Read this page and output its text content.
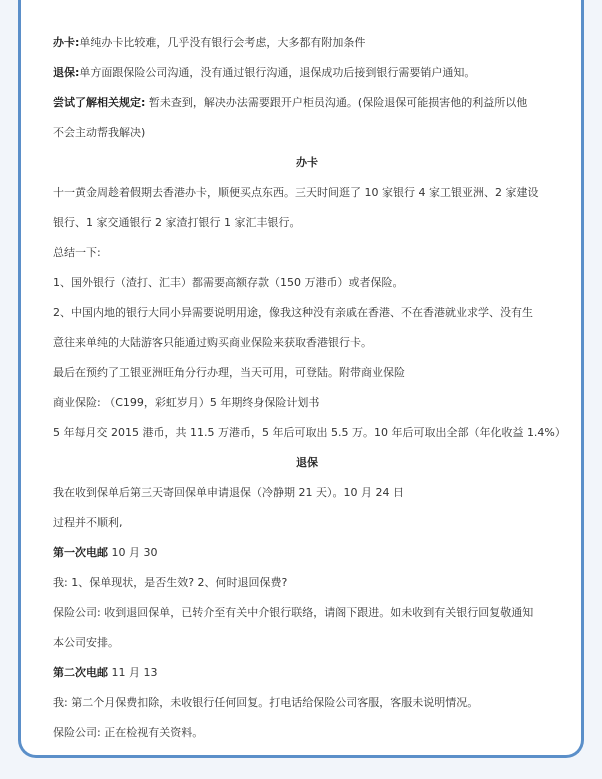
办卡:单纯办卡比较难，几乎没有银行会考虑，大多都有附加条件

退保:单方面跟保险公司沟通，没有通过银行沟通，退保成功后接到银行需要销户通知。

尝试了解相关规定: 暂未查到，解决办法需要跟开户柜员沟通。(保险退保可能损害他的利益所以他

不会主动帮我解决)

办卡

十一黄金周趁着假期去香港办卡，顺便买点东西。三天时间逛了 10 家银行 4 家工银亚洲、2 家建设

银行、1 家交通银行 2 家渣打银行 1 家汇丰银行。

总结一下:

1、国外银行（渣打、汇丰）都需要高额存款（150 万港币）或者保险。

2、中国内地的银行大同小异需要说明用途，像我这种没有亲戚在香港、不在香港就业求学、没有生

意往来单纯的大陆游客只能通过购买商业保险来获取香港银行卡。

最后在预约了工银亚洲旺角分行办理，当天可用，可登陆。附带商业保险

商业保险: （C199，彩虹岁月）5 年期终身保险计划书

5 年每月交 2015 港币，共 11.5 万港币，5 年后可取出 5.5 万。10 年后可取出全部（年化收益 1.4%）

退保

我在收到保单后第三天寄回保单申请退保（冷静期 21 天）。10 月 24 日

过程并不顺利,

第一次电邮 10 月 30

我: 1、保单现状，是否生效? 2、何时退回保费?

保险公司: 收到退回保单，已转介至有关中介银行联络，请阁下跟进。如未收到有关银行回复敬通知

本公司安排。

第二次电邮 11 月 13

我: 第二个月保费扣除，未收银行任何回复。打电话给保险公司客服，客服未说明情况。

保险公司: 正在检视有关资料。
